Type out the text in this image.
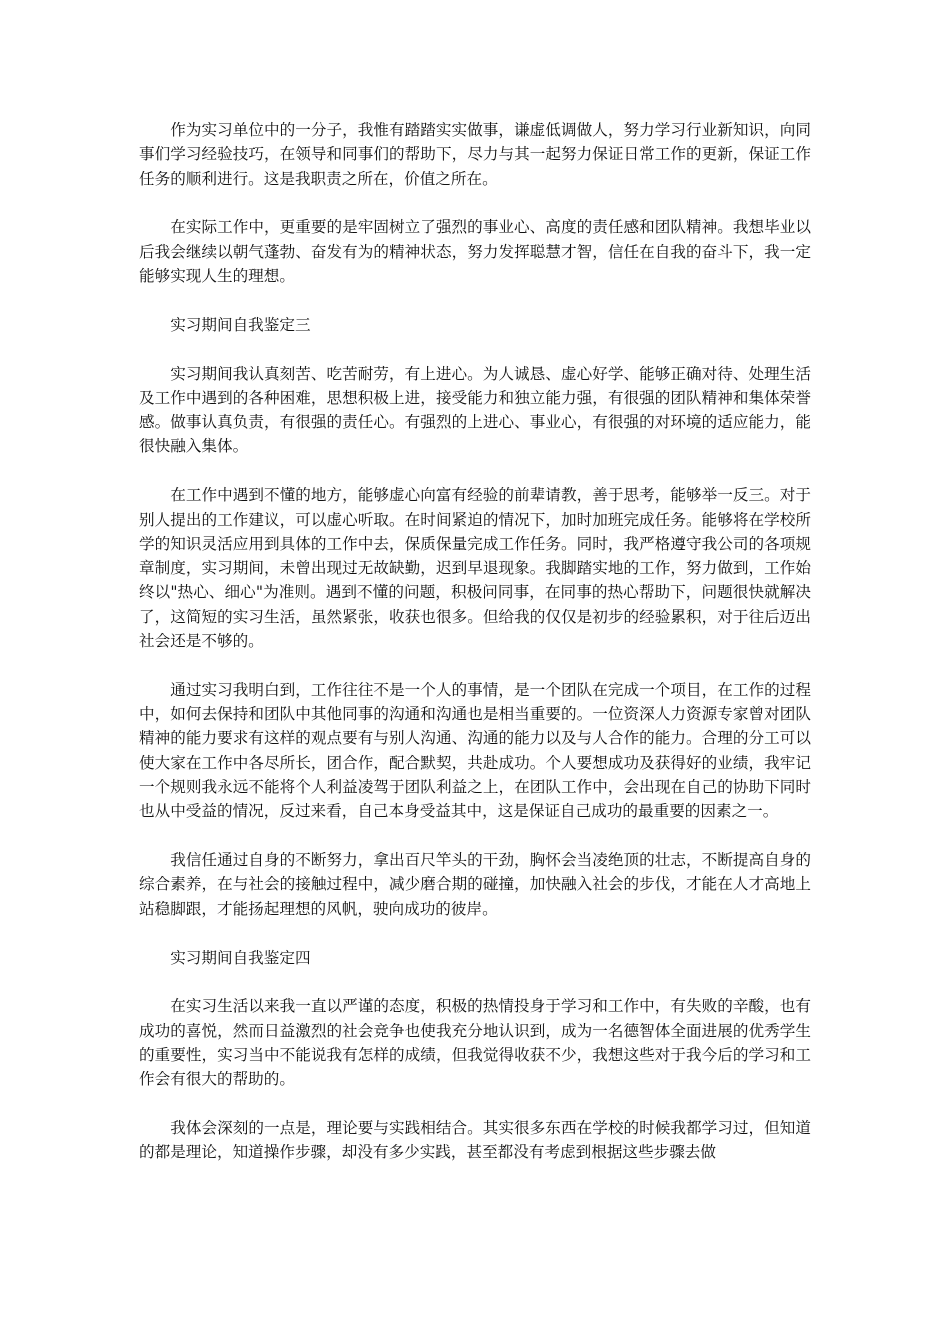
作为实习单位中的一分子，我惟有踏踏实实做事，谦虚低调做人，努力学习行业新知识，向同事们学习经验技巧，在领导和同事们的帮助下，尽力与其一起努力保证日常工作的更新，保证工作任务的顺利进行。这是我职责之所在，价值之所在。

在实际工作中，更重要的是牢固树立了强烈的事业心、高度的责任感和团队精神。我想毕业以后我会继续以朝气蓬勃、奋发有为的精神状态，努力发挥聪慧才智，信任在自我的奋斗下，我一定能够实现人生的理想。

实习期间自我鉴定三

实习期间我认真刻苦、吃苦耐劳，有上进心。为人诚恳、虚心好学、能够正确对待、处理生活及工作中遇到的各种困难，思想积极上进，接受能力和独立能力强，有很强的团队精神和集体荣誉感。做事认真负责，有很强的责任心。有强烈的上进心、事业心，有很强的对环境的适应能力，能很快融入集体。

在工作中遇到不懂的地方，能够虚心向富有经验的前辈请教，善于思考，能够举一反三。对于别人提出的工作建议，可以虚心听取。在时间紧迫的情况下，加时加班完成任务。能够将在学校所学的知识灵活应用到具体的工作中去，保质保量完成工作任务。同时，我严格遵守我公司的各项规章制度，实习期间，未曾出现过无故缺勤，迟到早退现象。我脚踏实地的工作，努力做到，工作始终以"热心、细心"为准则。遇到不懂的问题，积极问同事，在同事的热心帮助下，问题很快就解决了，这简短的实习生活，虽然紧张，收获也很多。但给我的仅仅是初步的经验累积，对于往后迈出社会还是不够的。

通过实习我明白到，工作往往不是一个人的事情，是一个团队在完成一个项目，在工作的过程中，如何去保持和团队中其他同事的沟通和沟通也是相当重要的。一位资深人力资源专家曾对团队精神的能力要求有这样的观点要有与别人沟通、沟通的能力以及与人合作的能力。合理的分工可以使大家在工作中各尽所长，团合作，配合默契，共赴成功。个人要想成功及获得好的业绩，我牢记一个规则我永远不能将个人利益凌驾于团队利益之上，在团队工作中，会出现在自己的协助下同时也从中受益的情况，反过来看，自己本身受益其中，这是保证自己成功的最重要的因素之一。

我信任通过自身的不断努力，拿出百尺竿头的干劲，胸怀会当凌绝顶的壮志，不断提高自身的综合素养，在与社会的接触过程中，减少磨合期的碰撞，加快融入社会的步伐，才能在人才高地上站稳脚跟，才能扬起理想的风帆，驶向成功的彼岸。

实习期间自我鉴定四

在实习生活以来我一直以严谨的态度，积极的热情投身于学习和工作中，有失败的辛酸，也有成功的喜悦，然而日益激烈的社会竞争也使我充分地认识到，成为一名德智体全面进展的优秀学生的重要性，实习当中不能说我有怎样的成绩，但我觉得收获不少，我想这些对于我今后的学习和工作会有很大的帮助的。

我体会深刻的一点是，理论要与实践相结合。其实很多东西在学校的时候我都学习过，但知道的都是理论，知道操作步骤，却没有多少实践，甚至都没有考虑到根据这些步骤去做
